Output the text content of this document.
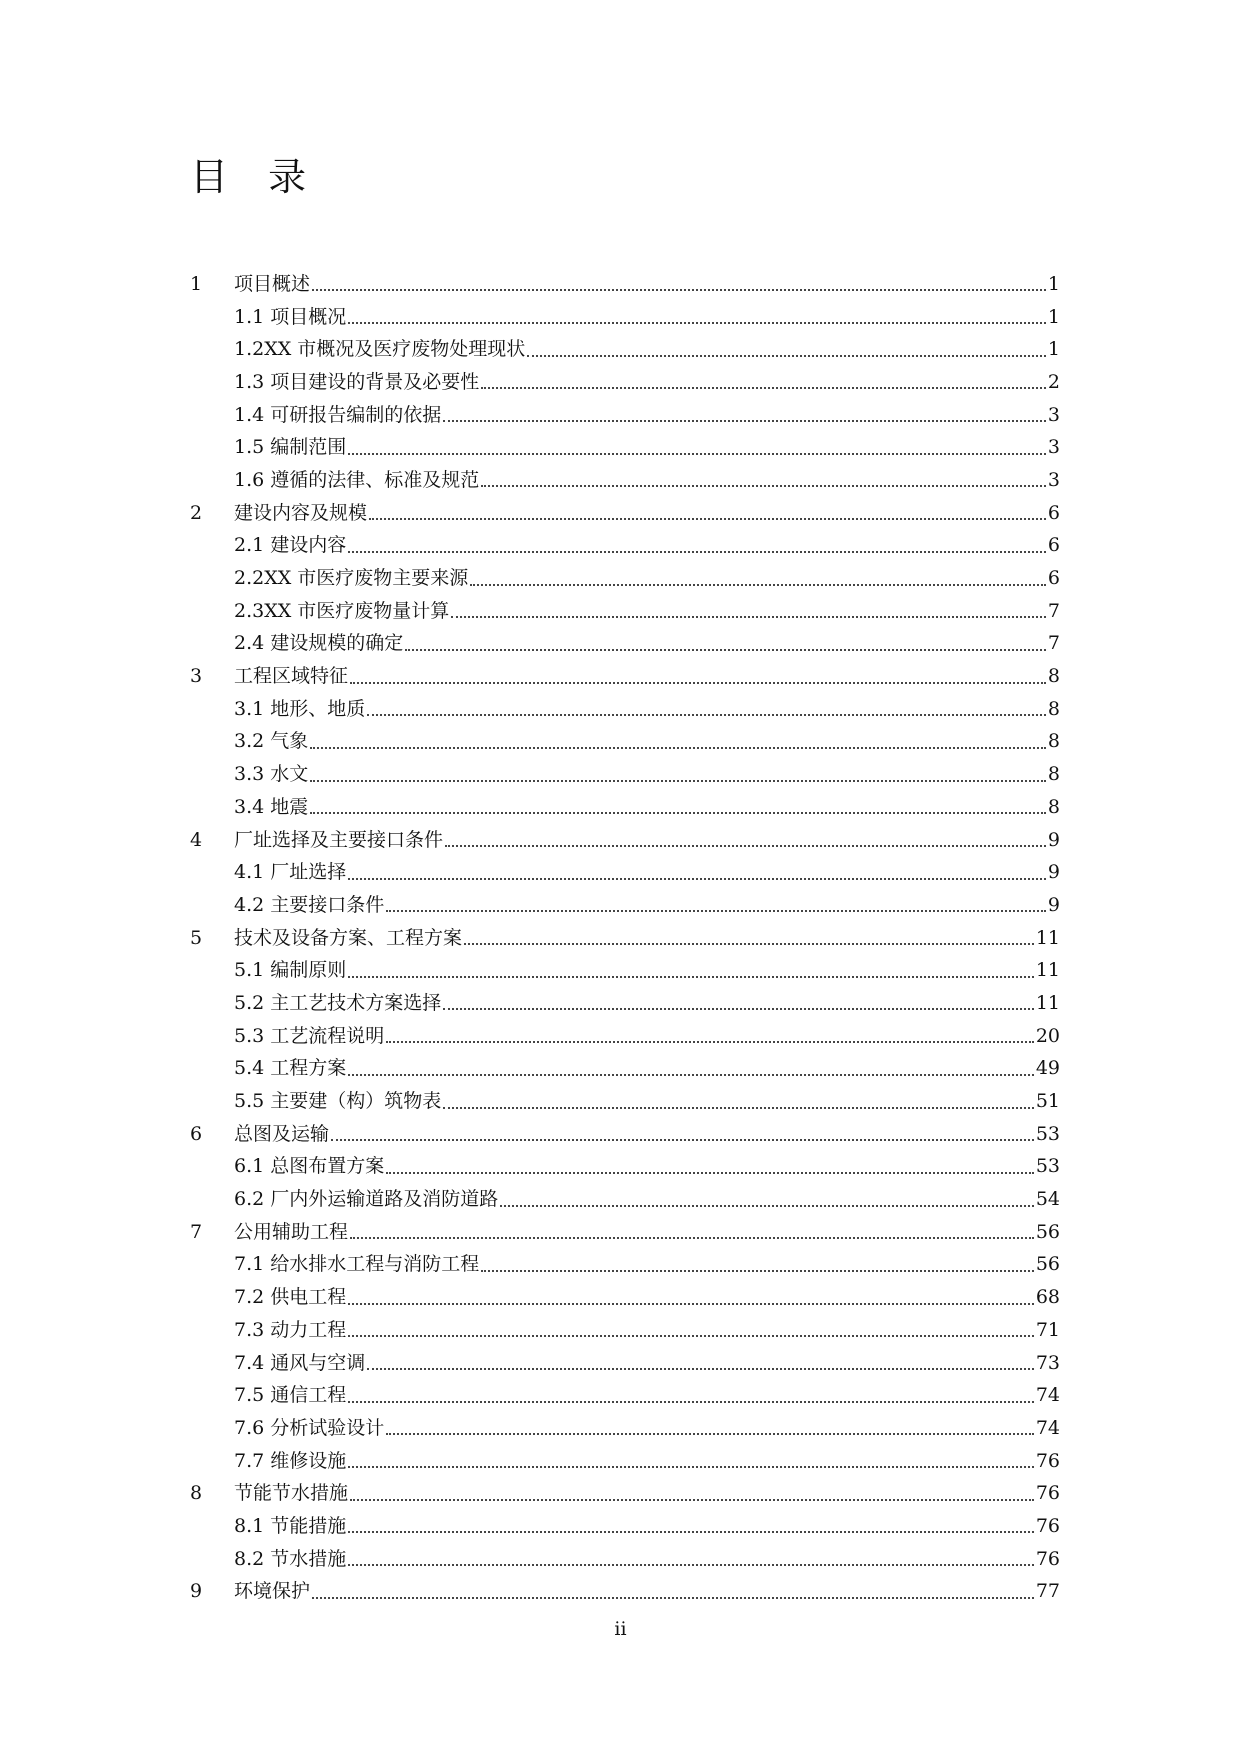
目 录
1	项目概述	1
1.1 项目概况	1
1.2XX 市概况及医疗废物处理现状	1
1.3 项目建设的背景及必要性	2
1.4 可研报告编制的依据	3
1.5 编制范围	3
1.6 遵循的法律、标准及规范	3
2	建设内容及规模	6
2.1 建设内容	6
2.2XX 市医疗废物主要来源	6
2.3XX 市医疗废物量计算	7
2.4 建设规模的确定	7
3	工程区域特征	8
3.1 地形、地质	8
3.2 气象	8
3.3 水文	8
3.4 地震	8
4	厂址选择及主要接口条件	9
4.1 厂址选择	9
4.2 主要接口条件	9
5	技术及设备方案、工程方案	11
5.1 编制原则	11
5.2 主工艺技术方案选择	11
5.3 工艺流程说明	20
5.4 工程方案	49
5.5 主要建（构）筑物表	51
6	总图及运输	53
6.1 总图布置方案	53
6.2 厂内外运输道路及消防道路	54
7	公用辅助工程	56
7.1 给水排水工程与消防工程	56
7.2 供电工程	68
7.3 动力工程	71
7.4 通风与空调	73
7.5 通信工程	74
7.6 分析试验设计	74
7.7 维修设施	76
8	节能节水措施	76
8.1 节能措施	76
8.2 节水措施	76
9	环境保护	77
ii
